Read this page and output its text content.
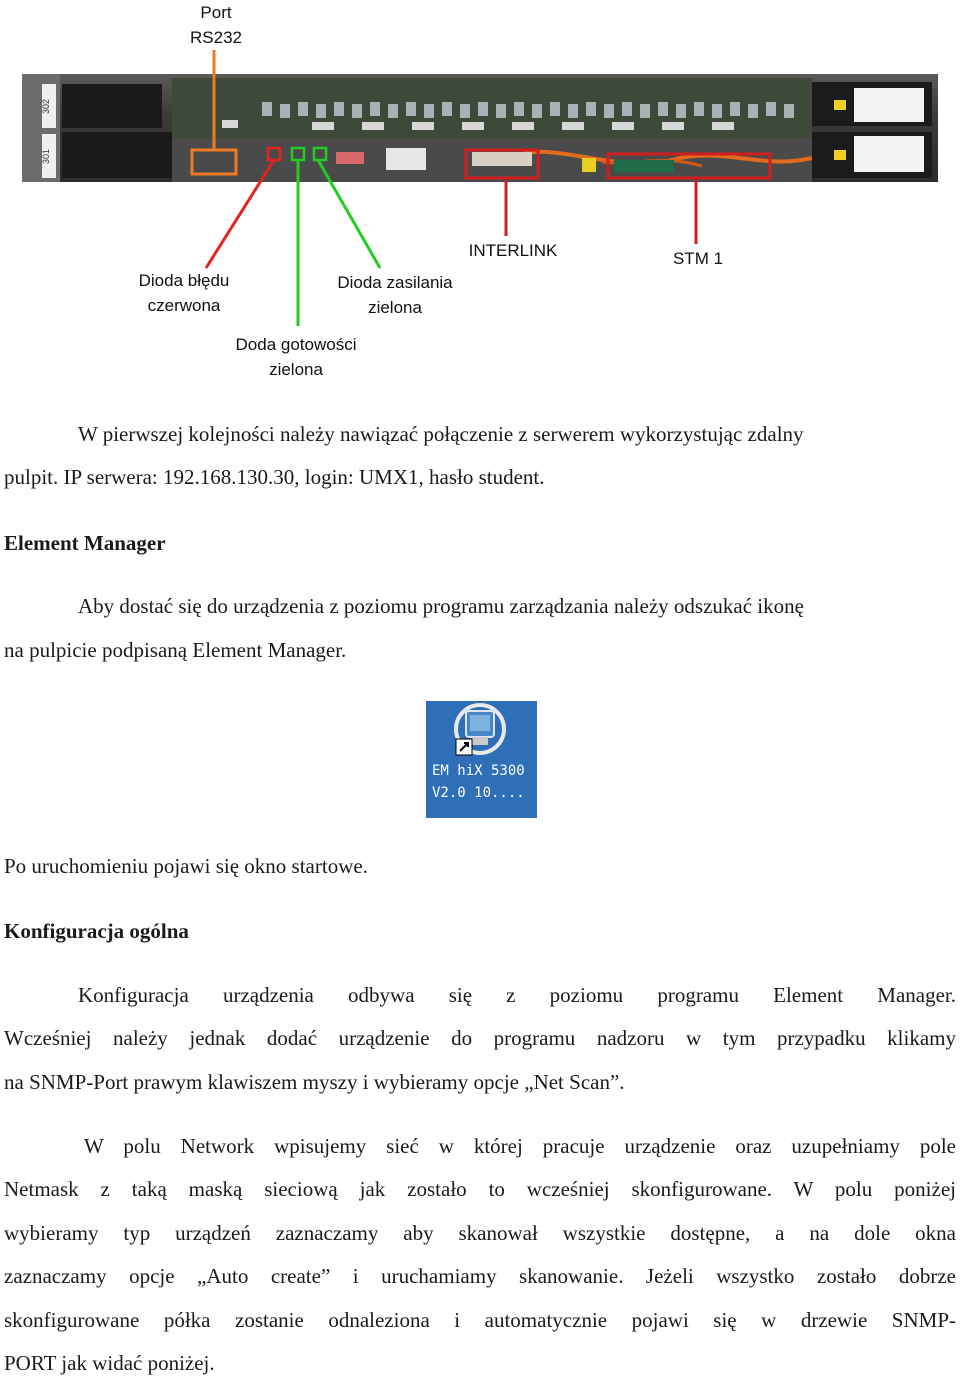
Port
RS232
302
301
Dioda błędu
czerwona
Dioda zasilania
zielona
Doda gotowości
zielona
INTERLINK	STM 1

W pierwszej kolejności należy nawiązać połączenie z serwerem wykorzystując zdalny

pulpit. IP serwera: 192.168.130.30, login: UMX1, hasło student.

Element Manager

Aby dostać się do urządzenia z poziomu programu zarządzania należy odszukać ikonę

na pulpicie podpisaną Element Manager.

EM hiX 5300
V2.0 10....

Po uruchomieniu pojawi się okno startowe.

Konfiguracja ogólna

Konfiguracja urządzenia odbywa się z poziomu programu Element Manager.

Wcześniej należy jednak dodać urządzenie do programu nadzoru w tym przypadku klikamy

na SNMP-Port prawym klawiszem myszy i wybieramy opcje „Net Scan”.

W polu Network wpisujemy sieć w której pracuje urządzenie oraz uzupełniamy pole

Netmask z taką maską sieciową jak zostało to wcześniej skonfigurowane. W polu poniżej

wybieramy typ urządzeń zaznaczamy aby skanował wszystkie dostępne, a na dole okna

zaznaczamy opcje „Auto create” i uruchamiamy skanowanie. Jeżeli wszystko zostało dobrze

skonfigurowane półka zostanie odnaleziona i automatycznie pojawi się w drzewie SNMP-

PORT jak widać poniżej.
